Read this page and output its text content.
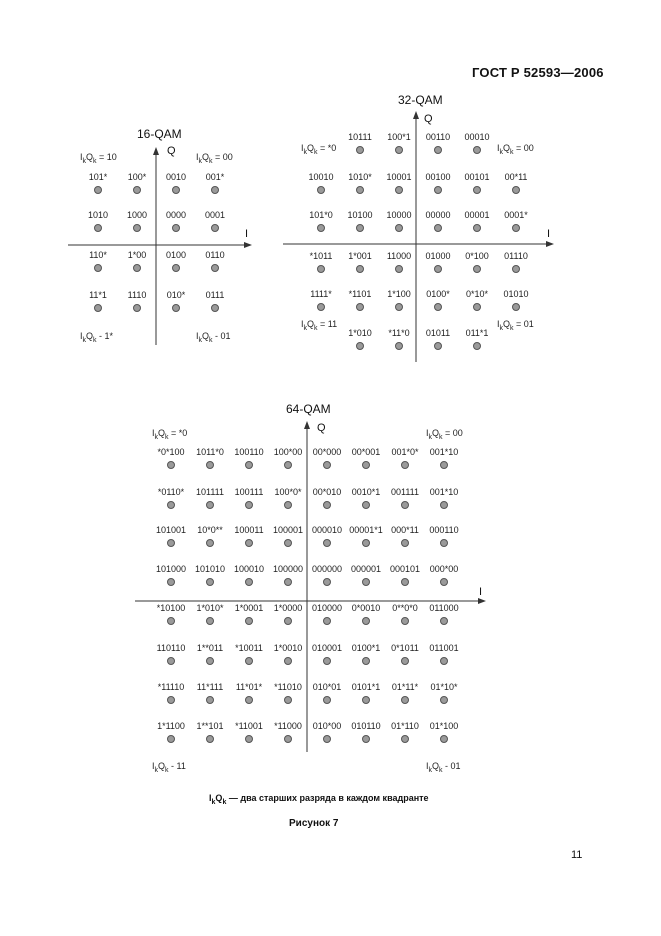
ГОСТ Р 52593—2006
16-QAM
Q
I
101* 100* 0010 001*
1010 1000 0000 0001
110* 1*00 0100 0110
11*1 1110 010* 0111
$I_kQ_k = 10$	$I_kQ_k = 00$
$I_kQ_k - 1*$	$I_kQ_k - 01$
32-QAM
Q
I
10111 100*1 00110 00010
10010 1010* 10001 00100 00101 00*11
101*0 10100 10000 00000 00001 0001*
*1011 1*001 11000 01000 0*100 01110
1111* *1101 1*100 0100* 0*10* 01010
1*010 *11*0 01011 011*1
$I_kQ_k = *0$	$I_kQ_k = 00$
$I_kQ_k = 11$	$I_kQ_k = 01$
64-QAM
Q
I
*0*100 1011*0 100110 100*00 00*000 00*001 001*0* 001*10
*0110* 101111 100111 100*0* 00*010 0010*1 001111 001*10
101001 10*0** 100011 100001 000010 00001*1 000*11 000110
101000 101010 100010 100000 000000 000001 000101 000*00
*10100 1*010* 1*0001 1*0000 010000 0*0010 0**0*0 011000
110110 1**011 *10011 1*0010 010001 0100*1 0*1011 011001
*11110 11*111 11*01* *11010 010*01 0101*1 01*11* 01*10*
1*1100 1**101 *11001 *11000 010*00 010110 01*110 01*100
$I_kQ_k = *0$	$I_kQ_k = 00$
$I_kQ_k - 11$	$I_kQ_k - 01$
$I_kQ_k$ — два старших разряда в каждом квадранте
Рисунок 7
11
